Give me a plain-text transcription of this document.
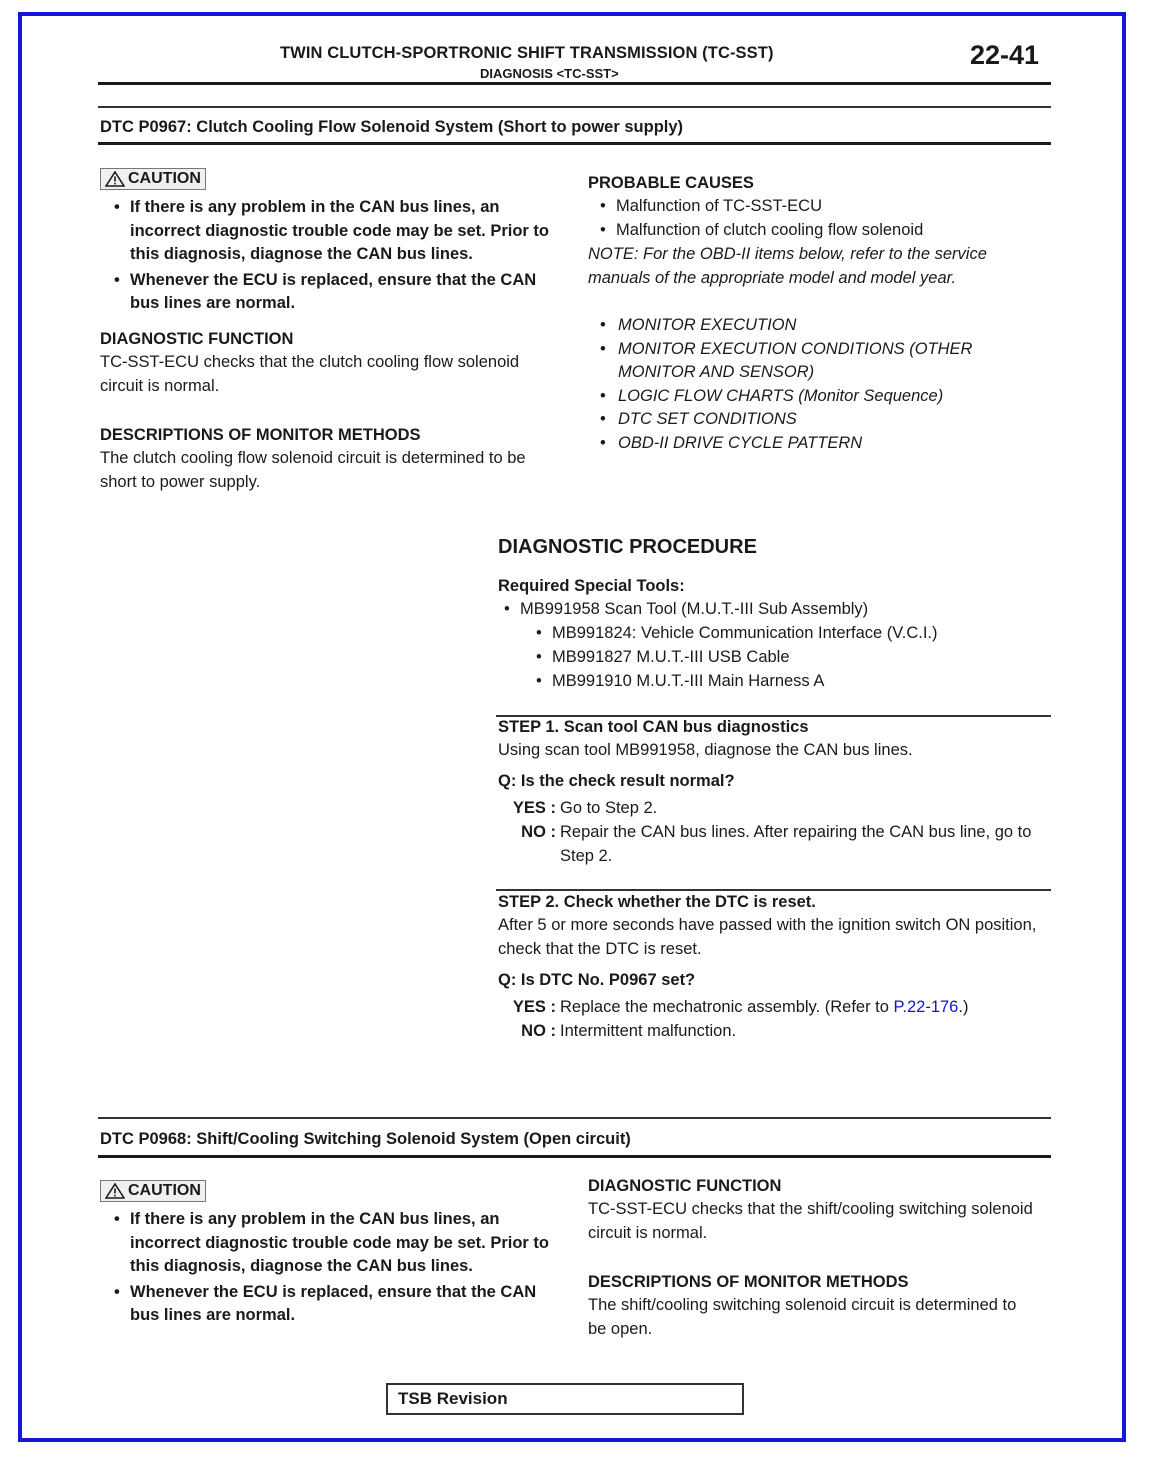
TWIN CLUTCH-SPORTRONIC SHIFT TRANSMISSION (TC-SST)
DIAGNOSIS <TC-SST>
22-41
DTC P0967: Clutch Cooling Flow Solenoid System (Short to power supply)
CAUTION
• If there is any problem in the CAN bus lines, an incorrect diagnostic trouble code may be set. Prior to this diagnosis, diagnose the CAN bus lines.
• Whenever the ECU is replaced, ensure that the CAN bus lines are normal.
DIAGNOSTIC FUNCTION
TC-SST-ECU checks that the clutch cooling flow solenoid circuit is normal.
DESCRIPTIONS OF MONITOR METHODS
The clutch cooling flow solenoid circuit is determined to be short to power supply.
PROBABLE CAUSES
• Malfunction of TC-SST-ECU
• Malfunction of clutch cooling flow solenoid
NOTE: For the OBD-II items below, refer to the service manuals of the appropriate model and model year.
• MONITOR EXECUTION
• MONITOR EXECUTION CONDITIONS (OTHER MONITOR AND SENSOR)
• LOGIC FLOW CHARTS (Monitor Sequence)
• DTC SET CONDITIONS
• OBD-II DRIVE CYCLE PATTERN
DIAGNOSTIC PROCEDURE
Required Special Tools:
• MB991958 Scan Tool (M.U.T.-III Sub Assembly)
• MB991824: Vehicle Communication Interface (V.C.I.)
• MB991827 M.U.T.-III USB Cable
• MB991910 M.U.T.-III Main Harness A
STEP 1. Scan tool CAN bus diagnostics
Using scan tool MB991958, diagnose the CAN bus lines.
Q: Is the check result normal?
YES : Go to Step 2.
NO : Repair the CAN bus lines. After repairing the CAN bus line, go to Step 2.
STEP 2. Check whether the DTC is reset.
After 5 or more seconds have passed with the ignition switch ON position, check that the DTC is reset.
Q: Is DTC No. P0967 set?
YES : Replace the mechatronic assembly. (Refer to P.22-176.)
NO : Intermittent malfunction.
DTC P0968: Shift/Cooling Switching Solenoid System (Open circuit)
CAUTION
• If there is any problem in the CAN bus lines, an incorrect diagnostic trouble code may be set. Prior to this diagnosis, diagnose the CAN bus lines.
• Whenever the ECU is replaced, ensure that the CAN bus lines are normal.
DIAGNOSTIC FUNCTION
TC-SST-ECU checks that the shift/cooling switching solenoid circuit is normal.
DESCRIPTIONS OF MONITOR METHODS
The shift/cooling switching solenoid circuit is determined to be open.
TSB Revision
